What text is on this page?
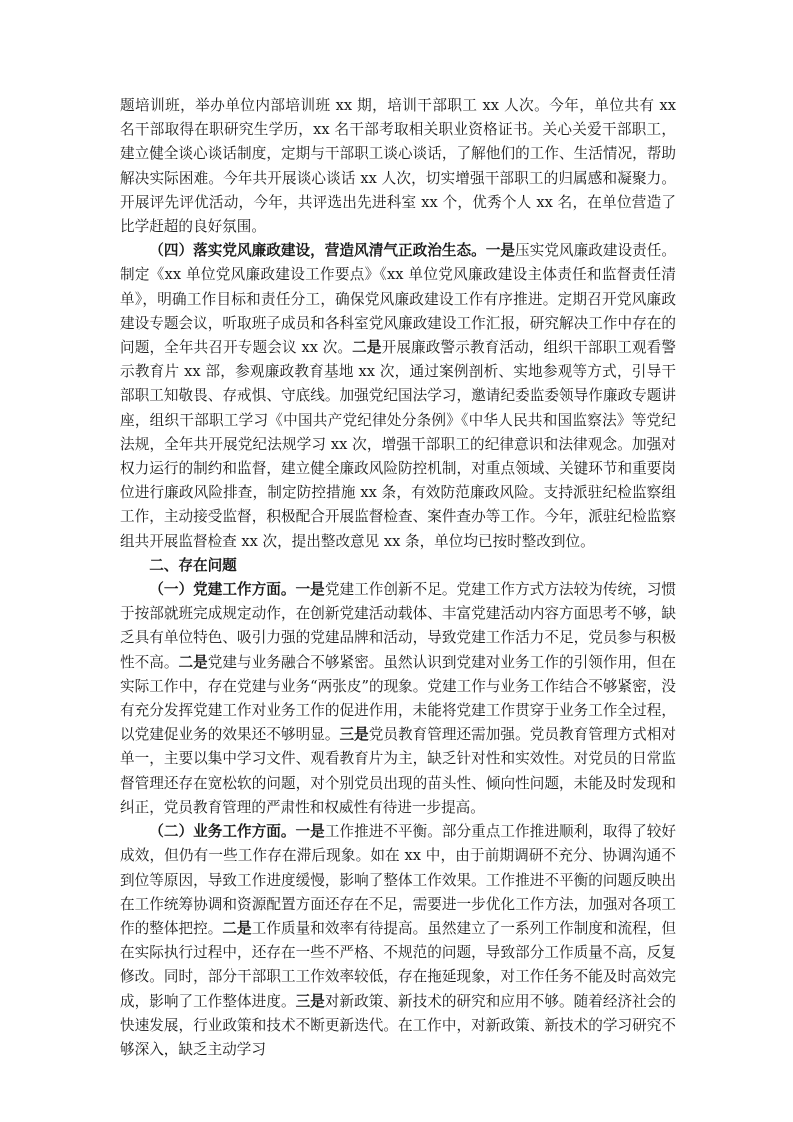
题培训班，举办单位内部培训班 xx 期，培训干部职工 xx 人次。今年，单位共有 xx 名干部取得在职研究生学历，xx 名干部考取相关职业资格证书。关心关爱干部职工，建立健全谈心谈话制度，定期与干部职工谈心谈话，了解他们的工作、生活情况，帮助解决实际困难。今年共开展谈心谈话 xx 人次，切实增强干部职工的归属感和凝聚力。开展评先评优活动，今年，共评选出先进科室 xx 个，优秀个人 xx 名，在单位营造了比学赶超的良好氛围。

（四）落实党风廉政建设，营造风清气正政治生态。一是压实党风廉政建设责任。制定《xx 单位党风廉政建设工作要点》《xx 单位党风廉政建设主体责任和监督责任清单》，明确工作目标和责任分工，确保党风廉政建设工作有序推进。定期召开党风廉政建设专题会议，听取班子成员和各科室党风廉政建设工作汇报，研究解决工作中存在的问题，全年共召开专题会议 xx 次。二是开展廉政警示教育活动，组织干部职工观看警示教育片 xx 部，参观廉政教育基地 xx 次，通过案例剖析、实地参观等方式，引导干部职工知敬畏、存戒惧、守底线。加强党纪国法学习，邀请纪委监委领导作廉政专题讲座，组织干部职工学习《中国共产党纪律处分条例》《中华人民共和国监察法》等党纪法规，全年共开展党纪法规学习 xx 次，增强干部职工的纪律意识和法律观念。加强对权力运行的制约和监督，建立健全廉政风险防控机制，对重点领域、关键环节和重要岗位进行廉政风险排查，制定防控措施 xx 条，有效防范廉政风险。支持派驻纪检监察组工作，主动接受监督，积极配合开展监督检查、案件查办等工作。今年，派驻纪检监察组共开展监督检查 xx 次，提出整改意见 xx 条，单位均已按时整改到位。

二、存在问题

（一）党建工作方面。一是党建工作创新不足。党建工作方式方法较为传统，习惯于按部就班完成规定动作，在创新党建活动载体、丰富党建活动内容方面思考不够，缺乏具有单位特色、吸引力强的党建品牌和活动，导致党建工作活力不足，党员参与积极性不高。二是党建与业务融合不够紧密。虽然认识到党建对业务工作的引领作用，但在实际工作中，存在党建与业务“两张皮”的现象。党建工作与业务工作结合不够紧密，没有充分发挥党建工作对业务工作的促进作用，未能将党建工作贯穿于业务工作全过程，以党建促业务的效果还不够明显。三是党员教育管理还需加强。党员教育管理方式相对单一，主要以集中学习文件、观看教育片为主，缺乏针对性和实效性。对党员的日常监督管理还存在宽松软的问题，对个别党员出现的苗头性、倾向性问题，未能及时发现和纠正，党员教育管理的严肃性和权威性有待进一步提高。

（二）业务工作方面。一是工作推进不平衡。部分重点工作推进顺利，取得了较好成效，但仍有一些工作存在滞后现象。如在 xx 中，由于前期调研不充分、协调沟通不到位等原因，导致工作进度缓慢，影响了整体工作效果。工作推进不平衡的问题反映出在工作统筹协调和资源配置方面还存在不足，需要进一步优化工作方法，加强对各项工作的整体把控。二是工作质量和效率有待提高。虽然建立了一系列工作制度和流程，但在实际执行过程中，还存在一些不严格、不规范的问题，导致部分工作质量不高，反复修改。同时，部分干部职工工作效率较低，存在拖延现象，对工作任务不能及时高效完成，影响了工作整体进度。三是对新政策、新技术的研究和应用不够。随着经济社会的快速发展，行业政策和技术不断更新迭代。在工作中，对新政策、新技术的学习研究不够深入，缺乏主动学习
